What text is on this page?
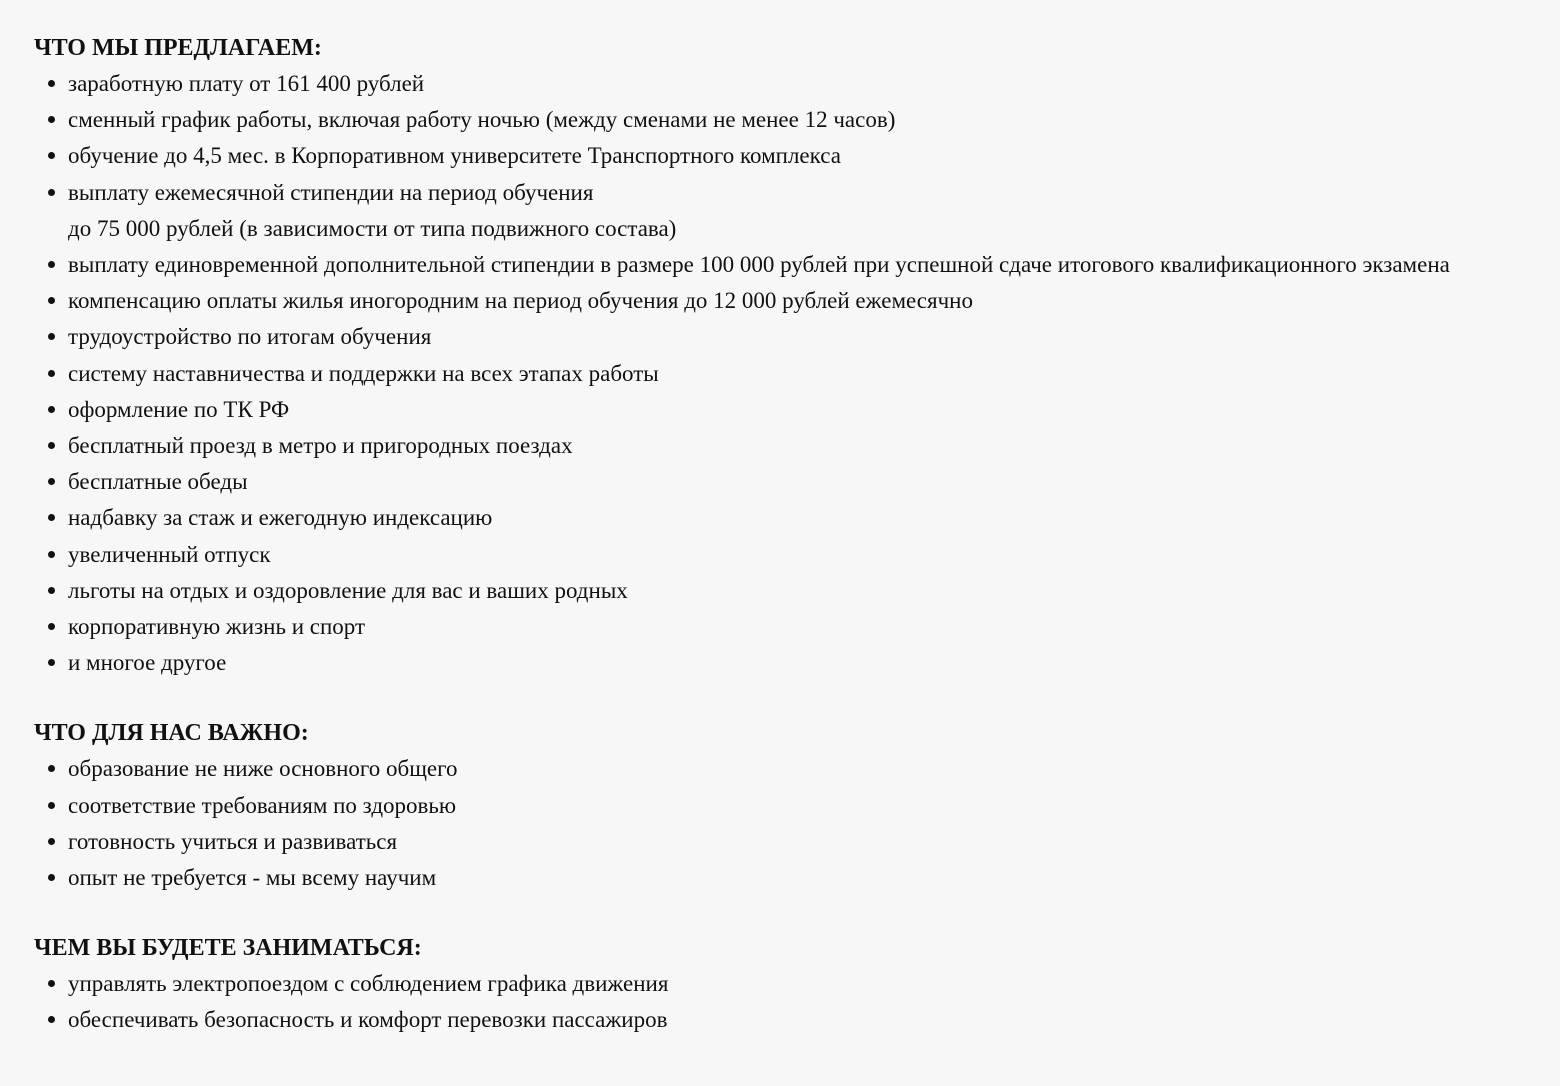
ЧТО МЫ ПРЕДЛАГАЕМ:
заработную плату от 161 400 рублей
сменный график работы, включая работу ночью (между сменами не менее 12 часов)
обучение до 4,5 мес. в Корпоративном университете Транспортного комплекса
выплату ежемесячной стипендии на период обучения
до 75 000 рублей (в зависимости от типа подвижного состава)
выплату единовременной дополнительной стипендии в размере 100 000 рублей при успешной сдаче итогового квалификационного экзамена
компенсацию оплаты жилья иногородним на период обучения до 12 000 рублей ежемесячно
трудоустройство по итогам обучения
систему наставничества и поддержки на всех этапах работы
оформление по ТК РФ
бесплатный проезд в метро и пригородных поездах
бесплатные обеды
надбавку за стаж и ежегодную индексацию
увеличенный отпуск
льготы на отдых и оздоровление для вас и ваших родных
корпоративную жизнь и спорт
и многое другое
ЧТО ДЛЯ НАС ВАЖНО:
образование не ниже основного общего
соответствие требованиям по здоровью
готовность учиться и развиваться
опыт не требуется - мы всему научим
ЧЕМ ВЫ БУДЕТЕ ЗАНИМАТЬСЯ:
управлять электропоездом с соблюдением графика движения
обеспечивать безопасность и комфорт перевозки пассажиров
